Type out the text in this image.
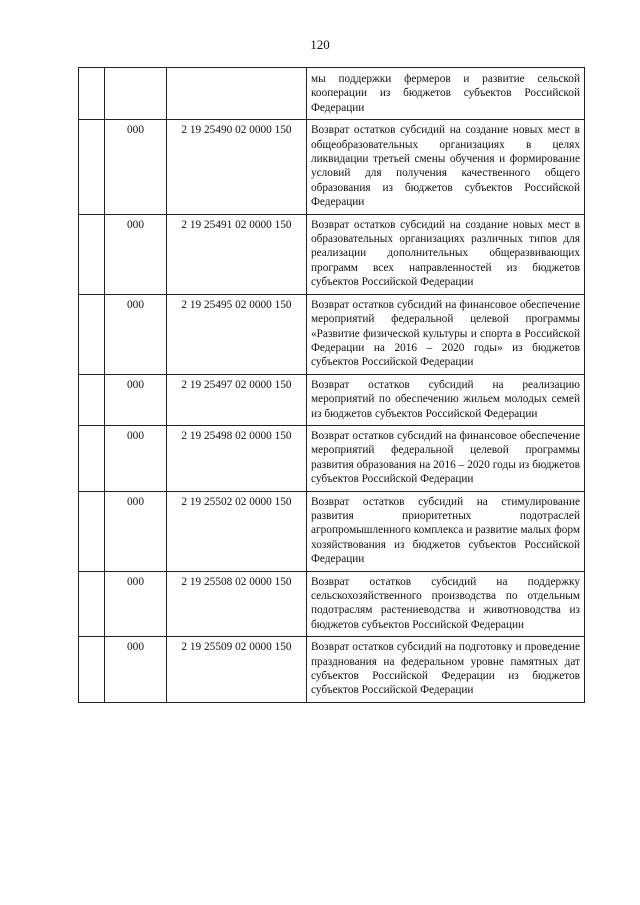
120
			мы поддержки фермеров и развитие сельской кооперации из бюджетов субъектов Российской Федерации
	000	2 19 25490 02 0000 150	Возврат остатков субсидий на создание новых мест в общеобразовательных организациях в целях ликвидации третьей смены обучения и формирование условий для получения качественного общего образования из бюджетов субъектов Российской Федерации
	000	2 19 25491 02 0000 150	Возврат остатков субсидий на создание новых мест в образовательных организациях различных типов для реализации дополнительных общеразвивающих программ всех направленностей из бюджетов субъектов Российской Федерации
	000	2 19 25495 02 0000 150	Возврат остатков субсидий на финансовое обеспечение мероприятий федеральной целевой программы «Развитие физической культуры и спорта в Российской Федерации на 2016 – 2020 годы» из бюджетов субъектов Российской Федерации
	000	2 19 25497 02 0000 150	Возврат остатков субсидий на реализацию мероприятий по обеспечению жильем молодых семей из бюджетов субъектов Российской Федерации
	000	2 19 25498 02 0000 150	Возврат остатков субсидий на финансовое обеспечение мероприятий федеральной целевой программы развития образования на 2016 – 2020 годы из бюджетов субъектов Российской Федерации
	000	2 19 25502 02 0000 150	Возврат остатков субсидий на стимулирование развития приоритетных подотраслей агропромышленного комплекса и развитие малых форм хозяйствования из бюджетов субъектов Российской Федерации
	000	2 19 25508 02 0000 150	Возврат остатков субсидий на поддержку сельскохозяйственного производства по отдельным подотраслям растениеводства и животноводства из бюджетов субъектов Российской Федерации
	000	2 19 25509 02 0000 150	Возврат остатков субсидий на подготовку и проведение празднования на федеральном уровне памятных дат субъектов Российской Федерации из бюджетов субъектов Российской Федерации
